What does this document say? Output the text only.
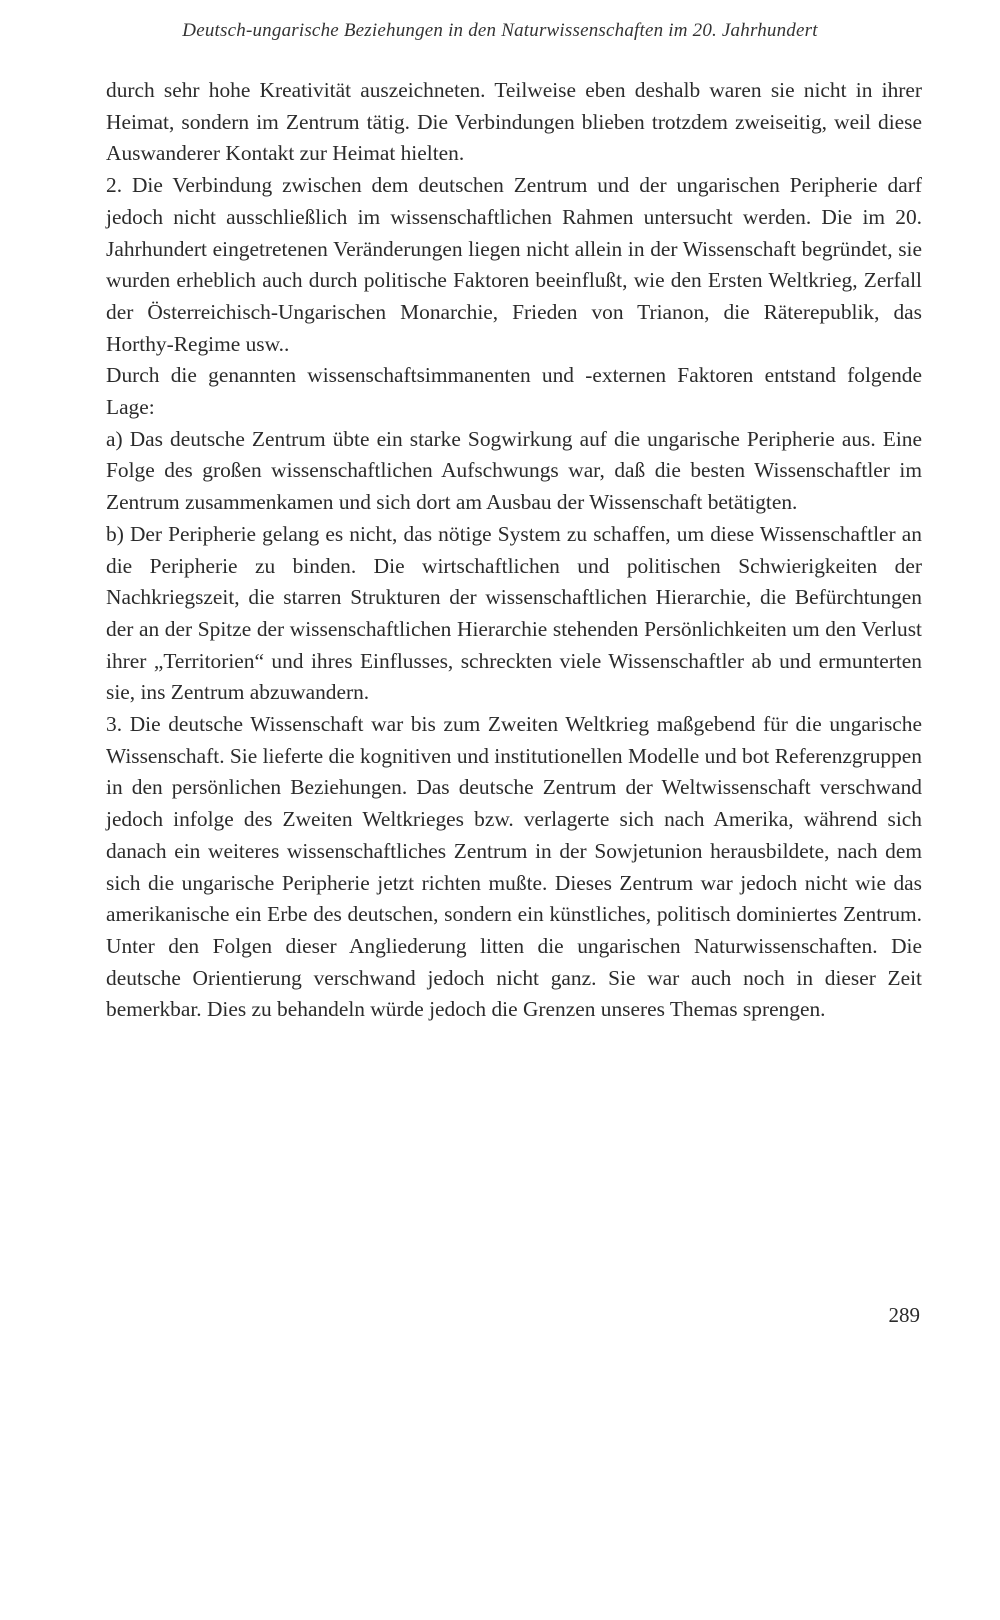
Deutsch-ungarische Beziehungen in den Naturwissenschaften im 20. Jahrhundert

durch sehr hohe Kreativität auszeichneten. Teilweise eben deshalb waren sie nicht in ihrer Heimat, sondern im Zentrum tätig. Die Verbindungen blieben trotzdem zweiseitig, weil diese Auswanderer Kontakt zur Heimat hielten.

2. Die Verbindung zwischen dem deutschen Zentrum und der ungarischen Peripherie darf jedoch nicht ausschließlich im wissenschaftlichen Rahmen untersucht werden. Die im 20. Jahrhundert eingetretenen Veränderungen liegen nicht allein in der Wissenschaft begründet, sie wurden erheblich auch durch politische Faktoren beeinflußt, wie den Ersten Weltkrieg, Zerfall der Österreichisch-Ungarischen Monarchie, Frieden von Trianon, die Räterepublik, das Horthy-Regime usw..

Durch die genannten wissenschaftsimmanenten und -externen Faktoren entstand folgende Lage:

a) Das deutsche Zentrum übte ein starke Sogwirkung auf die ungarische Peripherie aus. Eine Folge des großen wissenschaftlichen Aufschwungs war, daß die besten Wissenschaftler im Zentrum zusammenkamen und sich dort am Ausbau der Wissenschaft betätigten.

b) Der Peripherie gelang es nicht, das nötige System zu schaffen, um diese Wissenschaftler an die Peripherie zu binden. Die wirtschaftlichen und politischen Schwierigkeiten der Nachkriegszeit, die starren Strukturen der wissenschaftlichen Hierarchie, die Befürchtungen der an der Spitze der wissenschaftlichen Hierarchie stehenden Persönlichkeiten um den Verlust ihrer „Territorien“ und ihres Einflusses, schreckten viele Wissenschaftler ab und ermunterten sie, ins Zentrum abzuwandern.

3. Die deutsche Wissenschaft war bis zum Zweiten Weltkrieg maßgebend für die ungarische Wissenschaft. Sie lieferte die kognitiven und institutionellen Modelle und bot Referenzgruppen in den persönlichen Beziehungen. Das deutsche Zentrum der Weltwissenschaft verschwand jedoch infolge des Zweiten Weltkrieges bzw. verlagerte sich nach Amerika, während sich danach ein weiteres wissenschaftliches Zentrum in der Sowjetunion herausbildete, nach dem sich die ungarische Peripherie jetzt richten mußte. Dieses Zentrum war jedoch nicht wie das amerikanische ein Erbe des deutschen, sondern ein künstliches, politisch dominiertes Zentrum. Unter den Folgen dieser Angliederung litten die ungarischen Naturwissenschaften. Die deutsche Orientierung verschwand jedoch nicht ganz. Sie war auch noch in dieser Zeit bemerkbar. Dies zu behandeln würde jedoch die Grenzen unseres Themas sprengen.

289
